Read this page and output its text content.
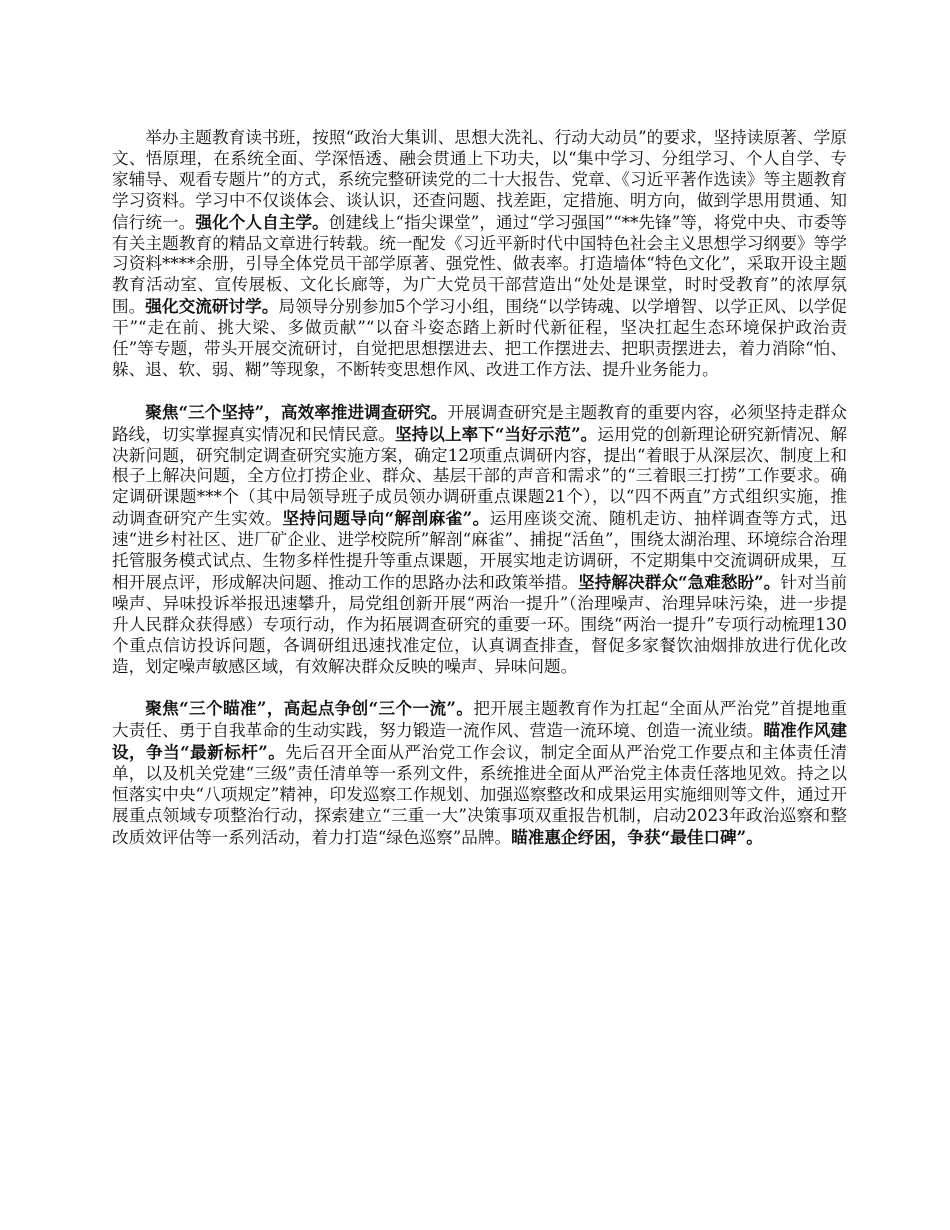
举办主题教育读书班，按照“政治大集训、思想大洗礼、行动大动员”的要求，坚持读原著、学原文、悟原理，在系统全面、学深悟透、融会贯通上下功夫，以“集中学习、分组学习、个人自学、专家辅导、观看专题片”的方式，系统完整研读党的二十大报告、党章、《习近平著作选读》等主题教育学习资料。学习中不仅谈体会、谈认识，还查问题、找差距，定措施、明方向，做到学思用贯通、知信行统一。强化个人自主学。创建线上“指尖课堂”，通过“学习强国”“**先锋”等，将党中央、市委等有关主题教育的精品文章进行转载。统一配发《习近平新时代中国特色社会主义思想学习纲要》等学习资料****余册，引导全体党员干部学原著、强党性、做表率。打造墙体“特色文化”，采取开设主题教育活动室、宣传展板、文化长廊等，为广大党员干部营造出“处处是课堂，时时受教育”的浓厚氛围。强化交流研讨学。局领导分别参加5个学习小组，围绕“以学铸魂、以学增智、以学正风、以学促干”“走在前、挑大梁、多做贡献”“以奋斗姿态踏上新时代新征程，坚决扛起生态环境保护政治责任”等专题，带头开展交流研讨，自觉把思想摆进去、把工作摆进去、把职责摆进去，着力消除“怕、躲、退、软、弱、糊”等现象，不断转变思想作风、改进工作方法、提升业务能力。

聚焦“三个坚持”，高效率推进调查研究。开展调查研究是主题教育的重要内容，必须坚持走群众路线，切实掌握真实情况和民情民意。坚持以上率下“当好示范”。运用党的创新理论研究新情况、解决新问题，研究制定调查研究实施方案，确定12项重点调研内容，提出“着眼于从深层次、制度上和根子上解决问题，全方位打捞企业、群众、基层干部的声音和需求”的“三着眼三打捞”工作要求。确定调研课题***个（其中局领导班子成员领办调研重点课题21个），以“四不两直”方式组织实施，推动调查研究产生实效。坚持问题导向“解剖麻雀”。运用座谈交流、随机走访、抽样调查等方式，迅速“进乡村社区、进厂矿企业、进学校院所”解剖“麻雀”、捕捉“活鱼”，围绕太湖治理、环境综合治理托管服务模式试点、生物多样性提升等重点课题，开展实地走访调研，不定期集中交流调研成果，互相开展点评，形成解决问题、推动工作的思路办法和政策举措。坚持解决群众“急难愁盼”。针对当前噪声、异味投诉举报迅速攀升，局党组创新开展“两治一提升”（治理噪声、治理异味污染，进一步提升人民群众获得感）专项行动，作为拓展调查研究的重要一环。围绕“两治一提升”专项行动梳理130个重点信访投诉问题，各调研组迅速找准定位，认真调查排查，督促多家餐饮油烟排放进行优化改造，划定噪声敏感区域，有效解决群众反映的噪声、异味问题。

聚焦“三个瞄准”，高起点争创“三个一流”。把开展主题教育作为扛起“全面从严治党”首提地重大责任、勇于自我革命的生动实践，努力锻造一流作风、营造一流环境、创造一流业绩。瞄准作风建设，争当“最新标杆”。先后召开全面从严治党工作会议，制定全面从严治党工作要点和主体责任清单，以及机关党建“三级”责任清单等一系列文件，系统推进全面从严治党主体责任落地见效。持之以恒落实中央“八项规定”精神，印发巡察工作规划、加强巡察整改和成果运用实施细则等文件，通过开展重点领域专项整治行动，探索建立“三重一大”决策事项双重报告机制，启动2023年政治巡察和整改质效评估等一系列活动，着力打造“绿色巡察”品牌。瞄准惠企纾困，争获“最佳口碑”。
